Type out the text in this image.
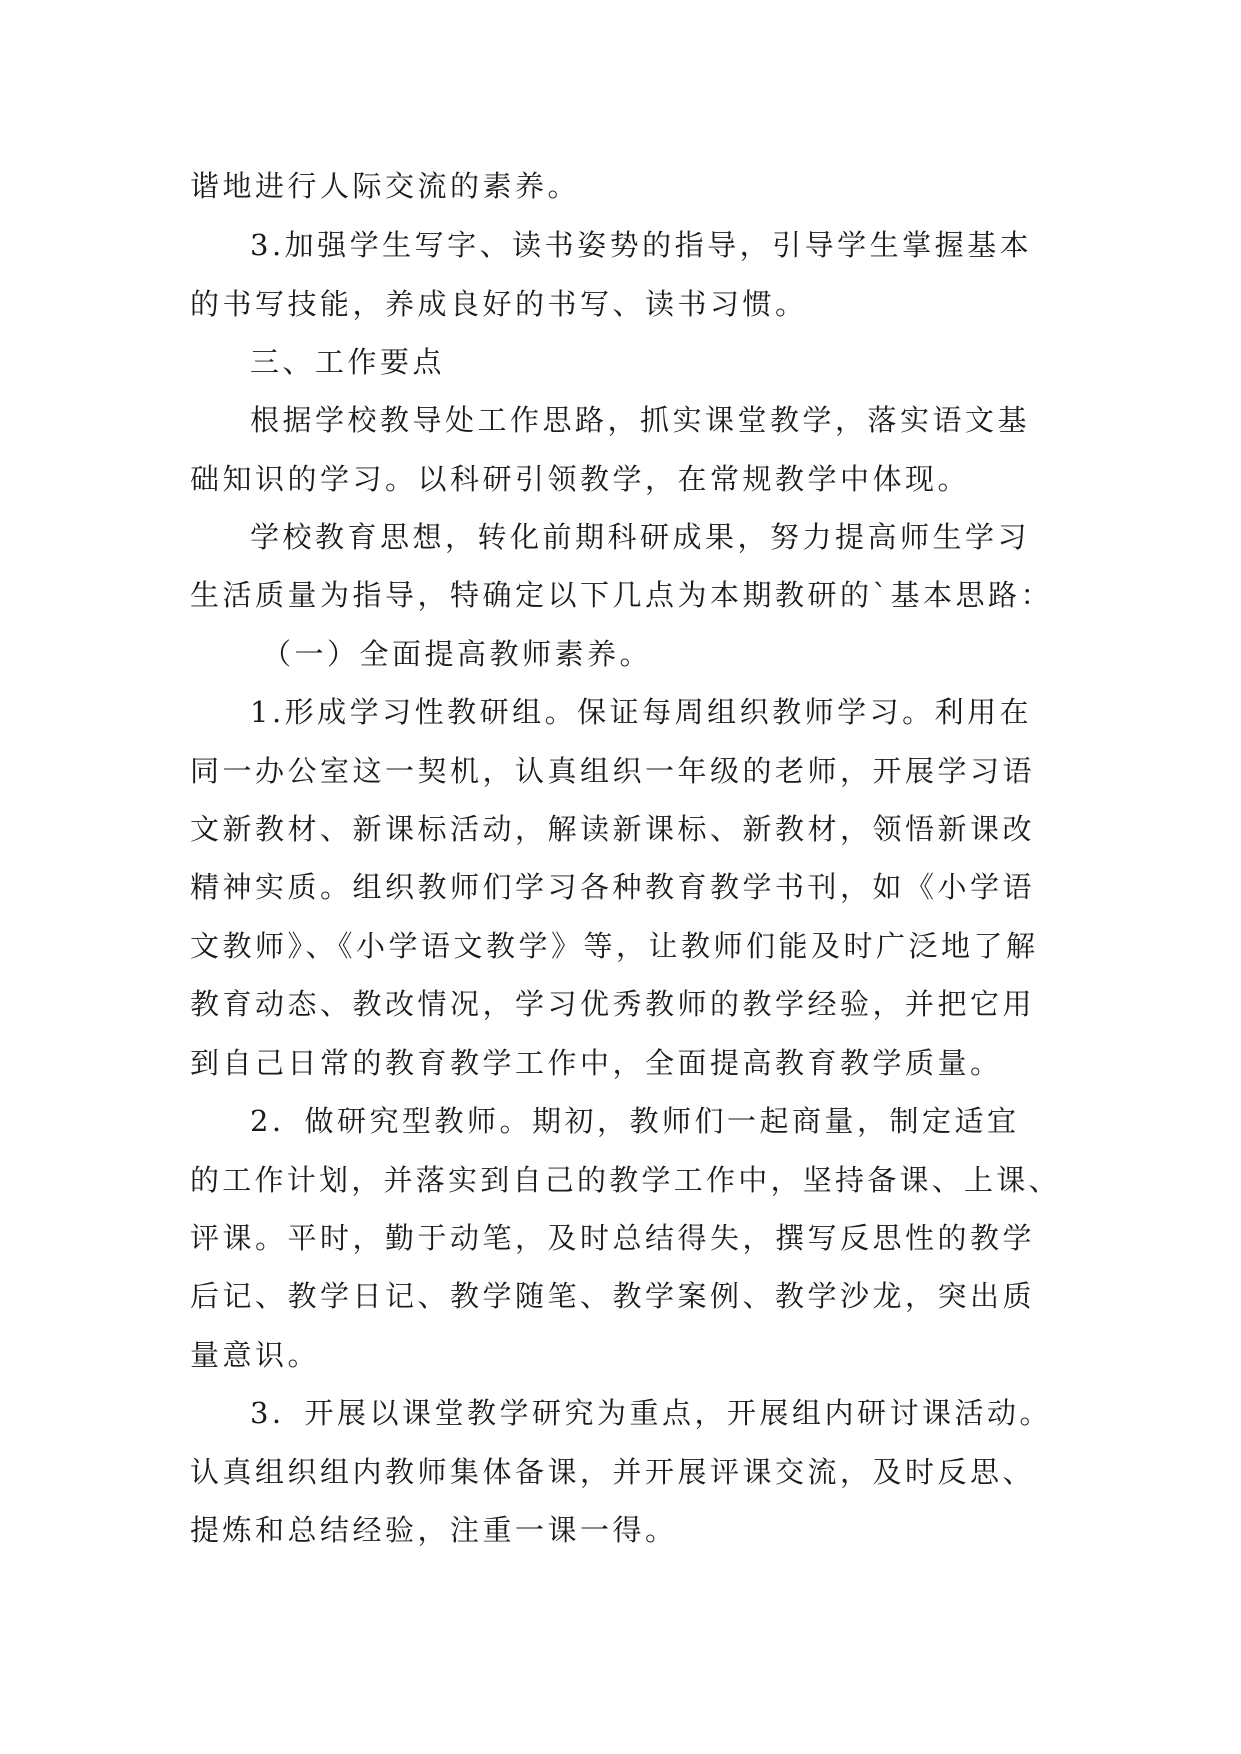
谐地进行人际交流的素养。

3.加强学生写字、读书姿势的指导，引导学生掌握基本

的书写技能，养成良好的书写、读书习惯。

三、工作要点

根据学校教导处工作思路，抓实课堂教学，落实语文基

础知识的学习。以科研引领教学，在常规教学中体现。

学校教育思想，转化前期科研成果，努力提高师生学习

生活质量为指导，特确定以下几点为本期教研的`基本思路：

（一）全面提高教师素养。

1.形成学习性教研组。保证每周组织教师学习。利用在

同一办公室这一契机，认真组织一年级的老师，开展学习语

文新教材、新课标活动，解读新课标、新教材，领悟新课改

精神实质。组织教师们学习各种教育教学书刊，如《小学语

文教师》、《小学语文教学》等，让教师们能及时广泛地了解

教育动态、教改情况，学习优秀教师的教学经验，并把它用

到自己日常的教育教学工作中，全面提高教育教学质量。

2．做研究型教师。期初，教师们一起商量，制定适宜

的工作计划，并落实到自己的教学工作中，坚持备课、上课、

评课。平时，勤于动笔，及时总结得失，撰写反思性的教学

后记、教学日记、教学随笔、教学案例、教学沙龙，突出质

量意识。

3．开展以课堂教学研究为重点，开展组内研讨课活动。

认真组织组内教师集体备课，并开展评课交流，及时反思、

提炼和总结经验，注重一课一得。
